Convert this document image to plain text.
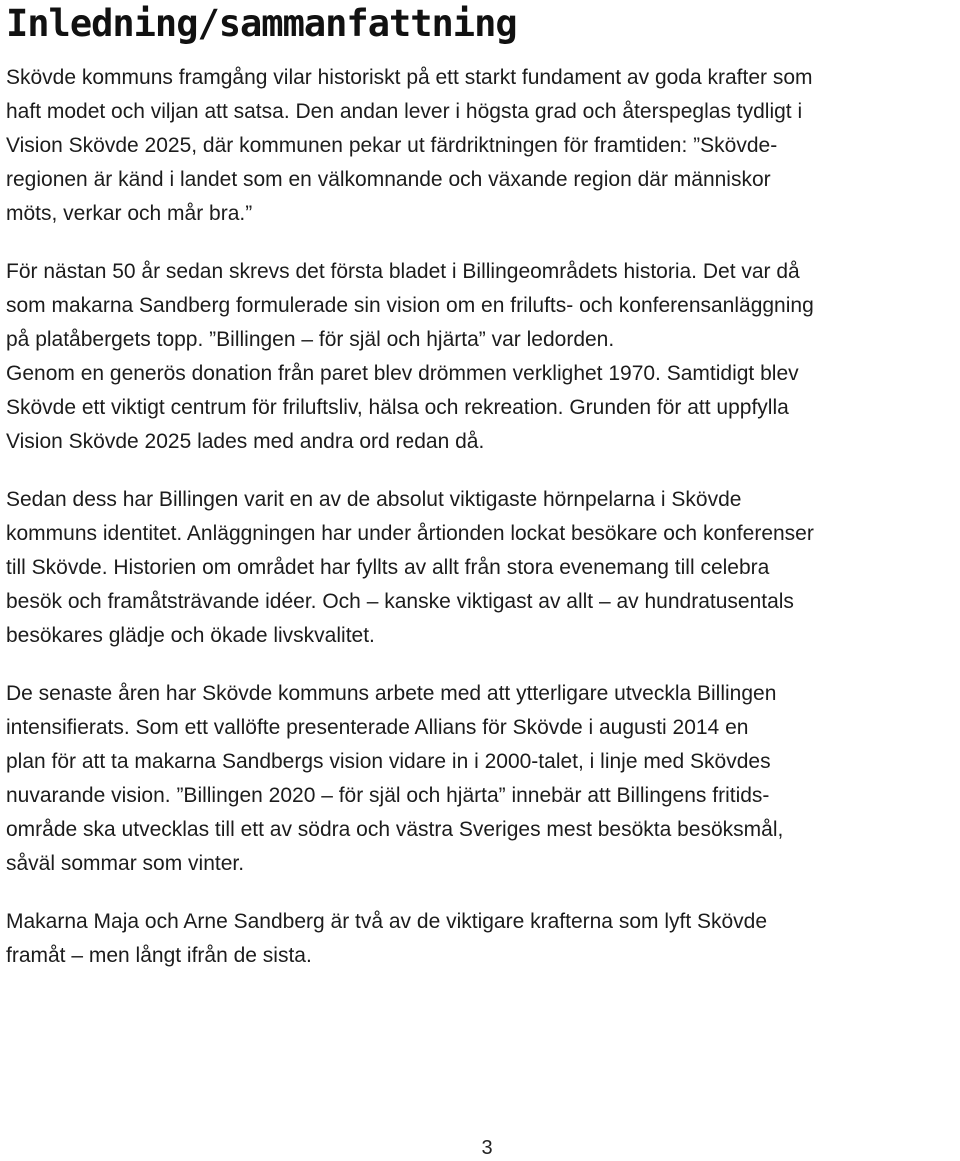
Inledning/sammanfattning

Skövde kommuns framgång vilar historiskt på ett starkt fundament av goda krafter som
haft modet och viljan att satsa. Den andan lever i högsta grad och återspeglas tydligt i
Vision Skövde 2025, där kommunen pekar ut färdriktningen för framtiden: ”Skövde-
regionen är känd i landet som en välkomnande och växande region där människor
möts, verkar och mår bra.”

För nästan 50 år sedan skrevs det första bladet i Billingeområdets historia. Det var då
som makarna Sandberg formulerade sin vision om en frilufts- och konferensanläggning
på platåbergets topp. ”Billingen – för själ och hjärta” var ledorden.
Genom en generös donation från paret blev drömmen verklighet 1970. Samtidigt blev
Skövde ett viktigt centrum för friluftsliv, hälsa och rekreation. Grunden för att uppfylla
Vision Skövde 2025 lades med andra ord redan då.

Sedan dess har Billingen varit en av de absolut viktigaste hörnpelarna i Skövde
kommuns identitet. Anläggningen har under årtionden lockat besökare och konferenser
till Skövde. Historien om området har fyllts av allt från stora evenemang till celebra
besök och framåtsträvande idéer. Och – kanske viktigast av allt – av hundratusentals
besökares glädje och ökade livskvalitet.

De senaste åren har Skövde kommuns arbete med att ytterligare utveckla Billingen
intensifierats. Som ett vallöfte presenterade Allians för Skövde i augusti 2014 en
plan för att ta makarna Sandbergs vision vidare in i 2000-talet, i linje med Skövdes
nuvarande vision. ”Billingen 2020 – för själ och hjärta” innebär att Billingens fritids-
område ska utvecklas till ett av södra och västra Sveriges mest besökta besöksmål,
såväl sommar som vinter.

Makarna Maja och Arne Sandberg är två av de viktigare krafterna som lyft Skövde
framåt – men långt ifrån de sista.

3
